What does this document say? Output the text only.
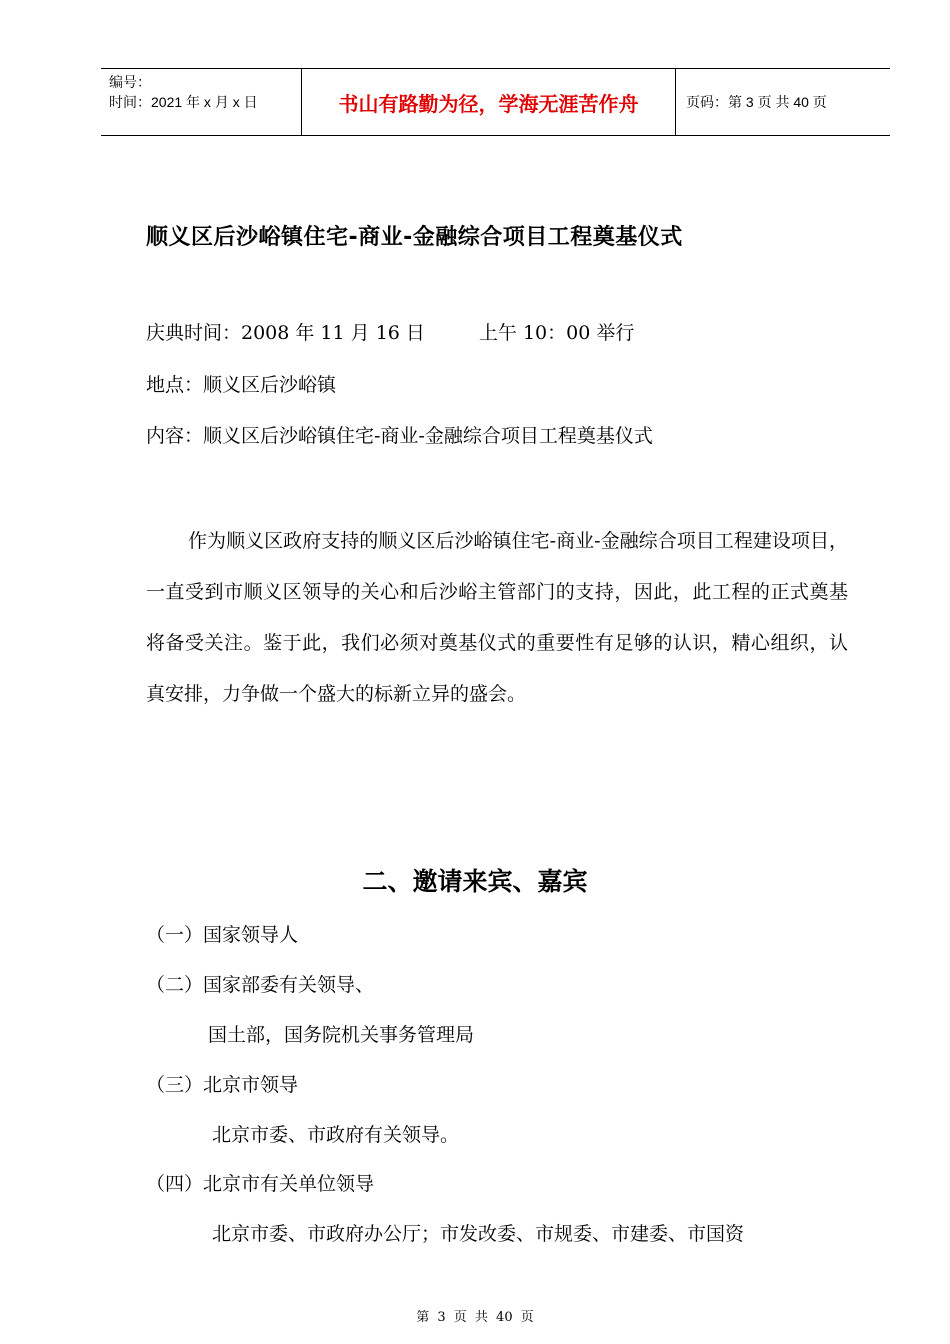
编号：
时间：2021 年 x 月 x 日	书山有路勤为径，学海无涯苦作舟	页码：第 3 页 共 40 页
顺义区后沙峪镇住宅-商业-金融综合项目工程奠基仪式
庆典时间：2008 年 11 月 16 日	上午 10：00 举行
地点：顺义区后沙峪镇
内容：顺义区后沙峪镇住宅-商业-金融综合项目工程奠基仪式
作为顺义区政府支持的顺义区后沙峪镇住宅-商业-金融综合项目工程建设项目，一直受到市顺义区领导的关心和后沙峪主管部门的支持，因此，此工程的正式奠基将备受关注。鉴于此，我们必须对奠基仪式的重要性有足够的认识，精心组织，认真安排，力争做一个盛大的标新立异的盛会。
二、邀请来宾、嘉宾
（一）国家领导人
（二）国家部委有关领导、
国土部，国务院机关事务管理局
（三）北京市领导
北京市委、市政府有关领导。
（四）北京市有关单位领导
北京市委、市政府办公厅；市发改委、市规委、市建委、市国资
第 3 页 共 40 页
